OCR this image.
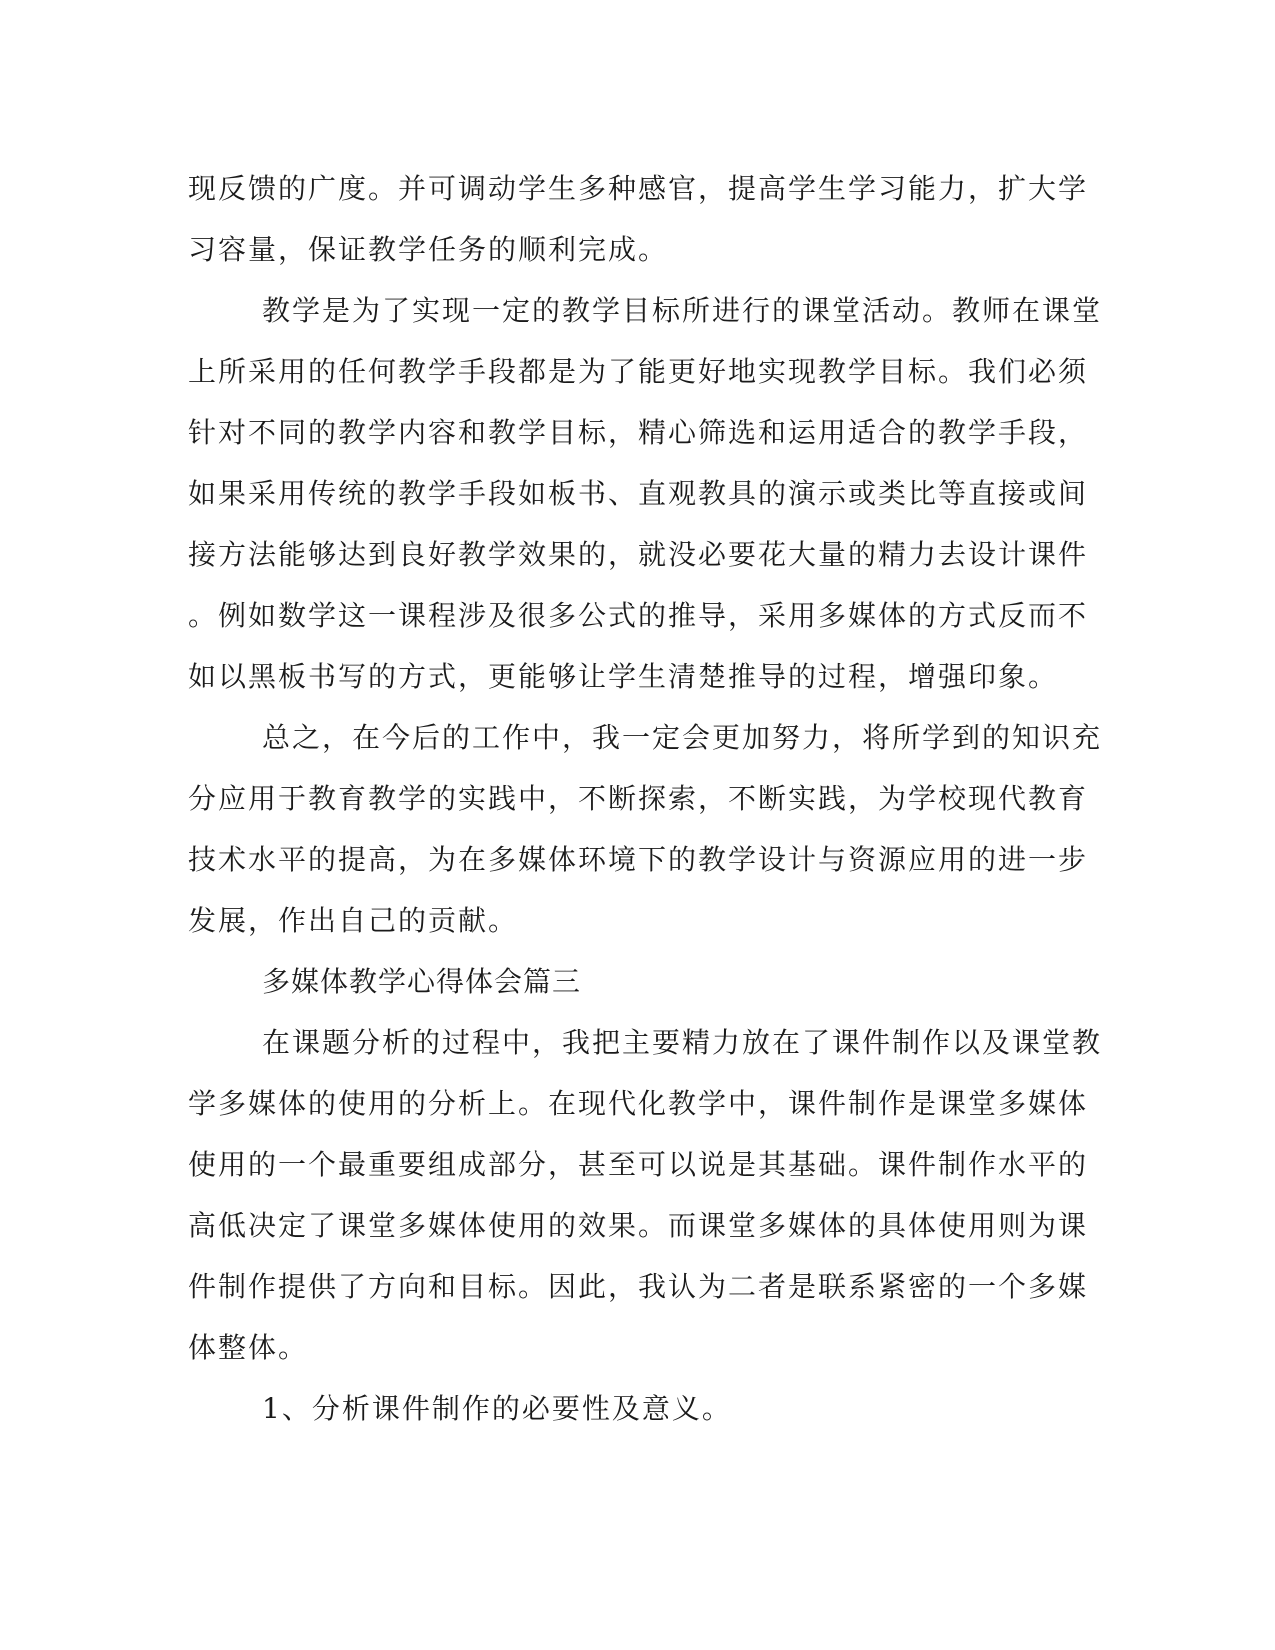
现反馈的广度。并可调动学生多种感官，提高学生学习能力，扩大学
习容量，保证教学任务的顺利完成。
教学是为了实现一定的教学目标所进行的课堂活动。教师在课堂
上所采用的任何教学手段都是为了能更好地实现教学目标。我们必须
针对不同的教学内容和教学目标，精心筛选和运用适合的教学手段，
如果采用传统的教学手段如板书、直观教具的演示或类比等直接或间
接方法能够达到良好教学效果的，就没必要花大量的精力去设计课件
。例如数学这一课程涉及很多公式的推导，采用多媒体的方式反而不
如以黑板书写的方式，更能够让学生清楚推导的过程，增强印象。
总之，在今后的工作中，我一定会更加努力，将所学到的知识充
分应用于教育教学的实践中，不断探索，不断实践，为学校现代教育
技术水平的提高，为在多媒体环境下的教学设计与资源应用的进一步
发展，作出自己的贡献。
多媒体教学心得体会篇三
在课题分析的过程中，我把主要精力放在了课件制作以及课堂教
学多媒体的使用的分析上。在现代化教学中，课件制作是课堂多媒体
使用的一个最重要组成部分，甚至可以说是其基础。课件制作水平的
高低决定了课堂多媒体使用的效果。而课堂多媒体的具体使用则为课
件制作提供了方向和目标。因此，我认为二者是联系紧密的一个多媒
体整体。
1、分析课件制作的必要性及意义。
